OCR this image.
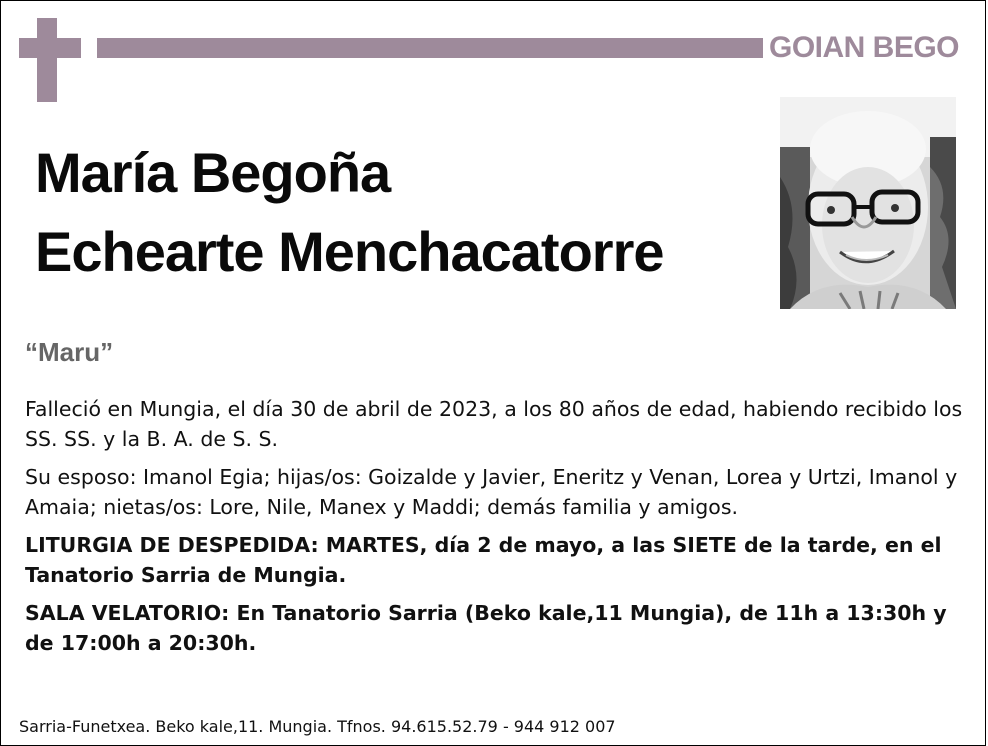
GOIAN BEGO
María Begoña
Echearte Menchacatorre
“Maru”

Falleció en Mungia, el día 30 de abril de 2023, a los 80 años de edad, habiendo recibido los SS. SS. y la B. A. de S. S.

Su esposo: Imanol Egia; hijas/os: Goizalde y Javier, Eneritz y Venan, Lorea y Urtzi, Imanol y Amaia; nietas/os: Lore, Nile, Manex y Maddi; demás familia y amigos.

LITURGIA DE DESPEDIDA: MARTES, día 2 de mayo, a las SIETE de la tarde, en el Tanatorio Sarria de Mungia.

SALA VELATORIO: En Tanatorio Sarria (Beko kale,11 Mungia), de 11h a 13:30h y de 17:00h a 20:30h.

Sarria-Funetxea. Beko kale,11. Mungia. Tfnos. 94.615.52.79 - 944 912 007
